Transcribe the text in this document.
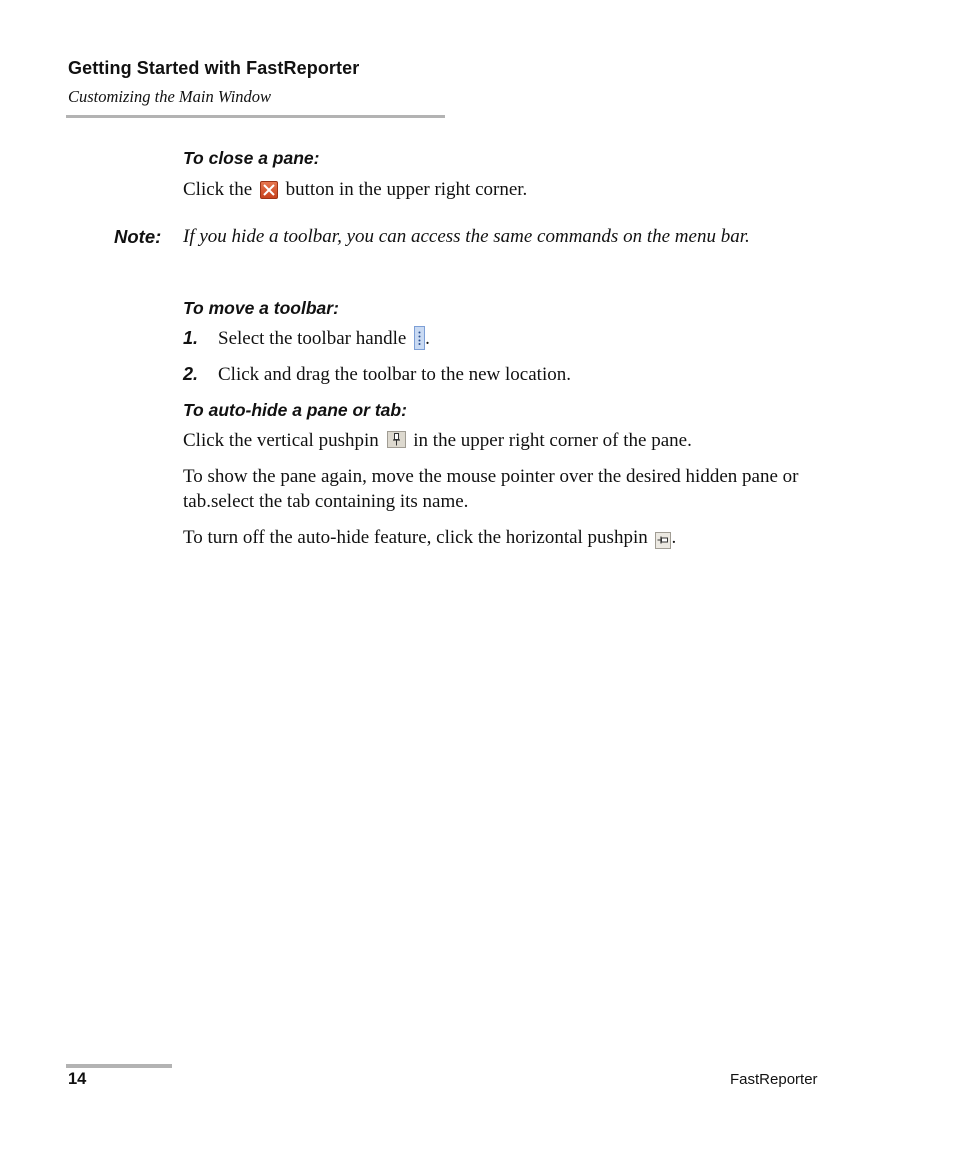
Getting Started with FastReporter
Customizing the Main Window
To close a pane:
Click the button in the upper right corner.
Note: If you hide a toolbar, you can access the same commands on the menu bar.
To move a toolbar:
1. Select the toolbar handle .
2. Click and drag the toolbar to the new location.
To auto-hide a pane or tab:
Click the vertical pushpin in the upper right corner of the pane.
To show the pane again, move the mouse pointer over the desired hidden pane or tab.select the tab containing its name.
To turn off the auto-hide feature, click the horizontal pushpin .
14	FastReporter
